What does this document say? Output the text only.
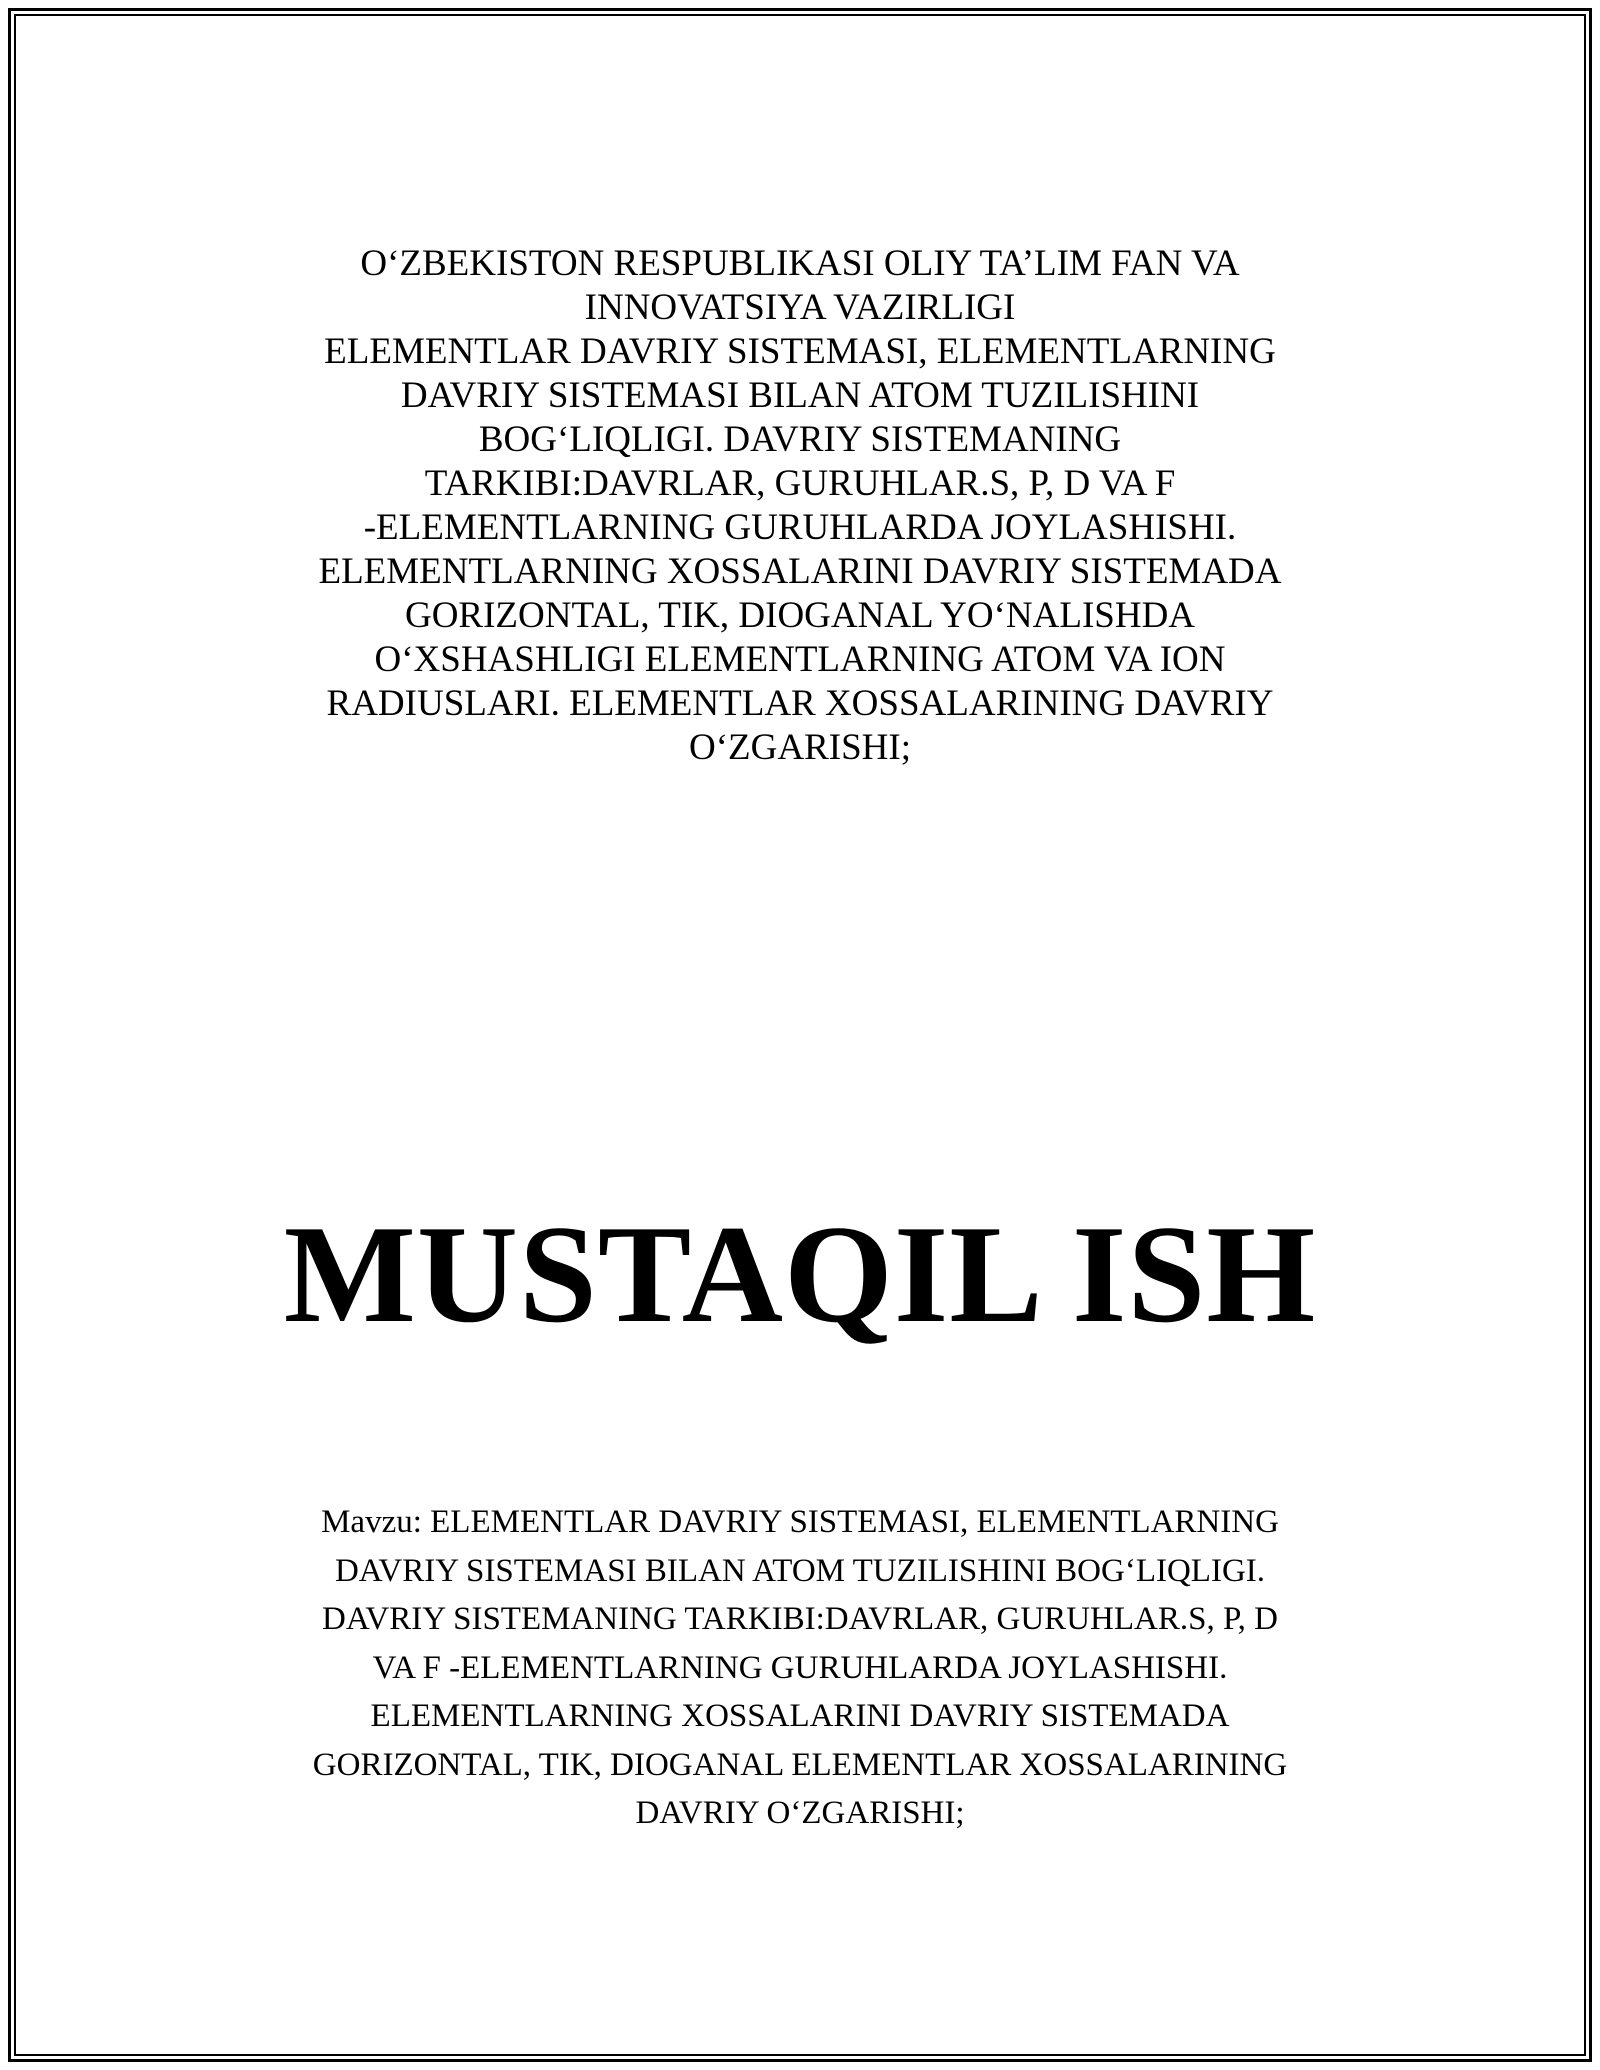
O‘ZBEKISTON RESPUBLIKASI OLIY TA’LIM FAN VA
INNOVATSIYA VAZIRLIGI
ELEMENTLAR DAVRIY SISTEMASI, ELEMENTLARNING
DAVRIY SISTEMASI BILAN ATOM TUZILISHINI
BOG‘LIQLIGI. DAVRIY SISTEMANING
TARKIBI:DAVRLAR, GURUHLAR.S, P, D VA F
-ELEMENTLARNING GURUHLARDA JOYLASHISHI.
ELEMENTLARNING XOSSALARINI DAVRIY SISTEMADA
GORIZONTAL, TIK, DIOGANAL YO‘NALISHDA
O‘XSHASHLIGI ELEMENTLARNING ATOM VA ION
RADIUSLARI. ELEMENTLAR XOSSALARINING DAVRIY
O‘ZGARISHI;
MUSTAQIL ISH
Mavzu: ELEMENTLAR DAVRIY SISTEMASI, ELEMENTLARNING
DAVRIY SISTEMASI BILAN ATOM TUZILISHINI BOG‘LIQLIGI.
DAVRIY SISTEMANING TARKIBI:DAVRLAR, GURUHLAR.S, P, D
VA F -ELEMENTLARNING GURUHLARDA JOYLASHISHI.
ELEMENTLARNING XOSSALARINI DAVRIY SISTEMADA
GORIZONTAL, TIK, DIOGANAL ELEMENTLAR XOSSALARINING
DAVRIY O‘ZGARISHI;
